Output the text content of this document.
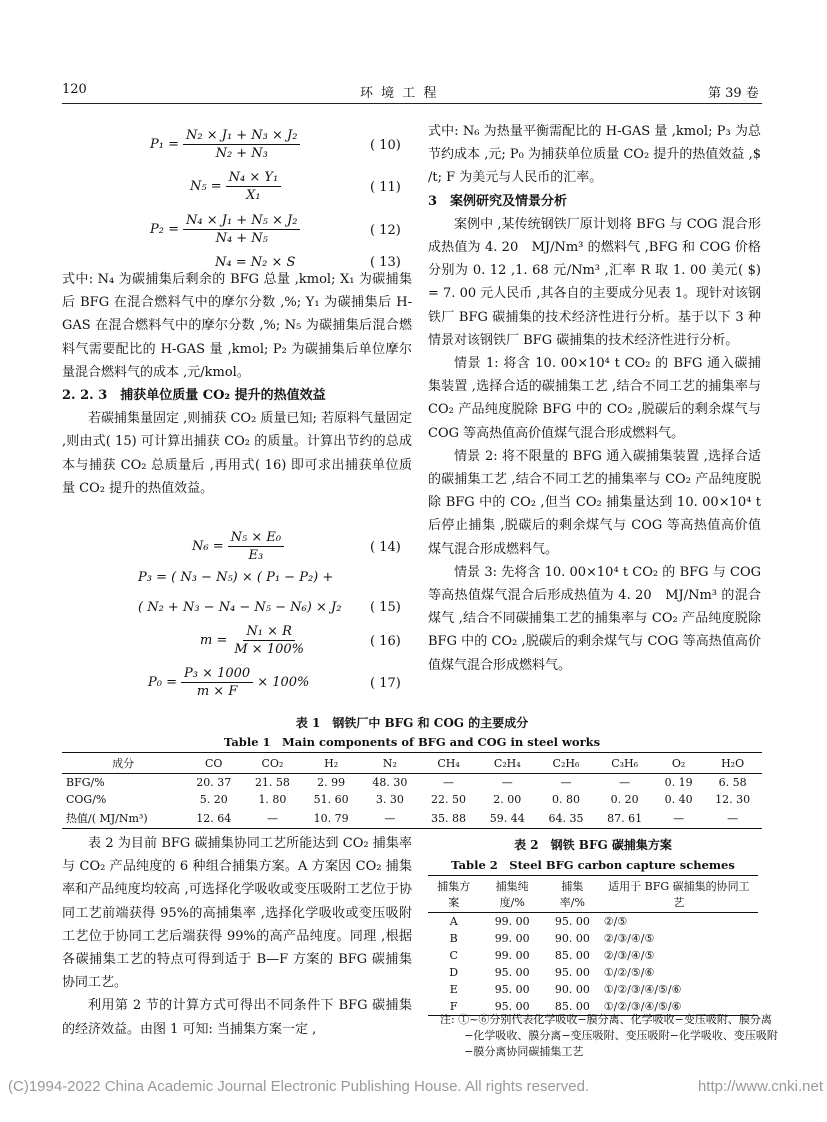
120	环 境 工 程	第 39 卷
$P_1 = \frac{\text{N₂ × J₁ + N₃ × J₂}}{\text{N₂ + N₃}}$	( 10)
$N_5 = \frac{\text{N₄ × Y₁}}{\text{X₁}}$	( 11)
$P_2 = \frac{\text{N₄ × J₁ + N₅ × J₂}}{\text{N₄ + N₅}}$	( 12)
N₄ = N₂ × S	( 13)
$N_6 = \frac{\text{N₅ × E₀}}{\text{E₃}}$	( 14)
P₃ = ( N₃ − N₅) × ( P₁ − P₂) +
( N₂ + N₃ − N₄ − N₅ − N₆) × J₂ ( 15)
$m = \frac{\text{N₁ × R}}{M \times 100\%}$	( 16)
$P_0 = \frac{\text{P₃ × 1000}}{m \times F} \times 100\%$	( 17)

式中: N₄ 为碳捕集后剩余的 BFG 总量 ,kmol; X₁ 为碳捕集后 BFG 在混合燃料气中的摩尔分数 ,%; Y₁ 为碳捕集后 H-GAS 在混合燃料气中的摩尔分数 ,%; N₅ 为碳捕集后混合燃料气需要配比的 H-GAS 量 ,kmol; P₂ 为碳捕集后单位摩尔量混合燃料气的成本 ,元/kmol。

2. 2. 3　捕获单位质量 CO₂ 提升的热值效益

若碳捕集量固定 ,则捕获 CO₂ 质量已知; 若原料气量固定 ,则由式( 15) 可计算出捕获 CO₂ 的质量。计算出节约的总成本与捕获 CO₂ 总质量后 ,再用式( 16) 即可求出捕获单位质量 CO₂ 提升的热值效益。

式中: N₆ 为热量平衡需配比的 H-GAS 量 ,kmol; P₃ 为总节约成本 ,元; P₀ 为捕获单位质量 CO₂ 提升的热值效益 ,$ /t; F 为美元与人民币的汇率。

3　案例研究及情景分析

案例中 ,某传统钢铁厂原计划将 BFG 与 COG 混合形成热值为 4. 20　MJ/Nm³ 的燃料气 ,BFG 和 COG 价格分别为 0. 12 ,1. 68 元/Nm³ ,汇率 R 取 1. 00 美元( $) = 7. 00 元人民币 ,其各自的主要成分见表 1。现针对该钢铁厂 BFG 碳捕集的技术经济性进行分析。基于以下 3 种情景对该钢铁厂 BFG 碳捕集的技术经济性进行分析。

情景 1: 将含 10. 00×10⁴ t CO₂ 的 BFG 通入碳捕集装置 ,选择合适的碳捕集工艺 ,结合不同工艺的捕集率与 CO₂ 产品纯度脱除 BFG 中的 CO₂ ,脱碳后的剩余煤气与 COG 等高热值高价值煤气混合形成燃料气。

情景 2: 将不限量的 BFG 通入碳捕集装置 ,选择合适的碳捕集工艺 ,结合不同工艺的捕集率与 CO₂ 产品纯度脱除 BFG 中的 CO₂ ,但当 CO₂ 捕集量达到 10. 00×10⁴ t 后停止捕集 ,脱碳后的剩余煤气与 COG 等高热值高价值煤气混合形成燃料气。

情景 3: 先将含 10. 00×10⁴ t CO₂ 的 BFG 与 COG 等高热值煤气混合后形成热值为 4. 20　MJ/Nm³ 的混合煤气 ,结合不同碳捕集工艺的捕集率与 CO₂ 产品纯度脱除 BFG 中的 CO₂ ,脱碳后的剩余煤气与 COG 等高热值高价值煤气混合形成燃料气。

表 1　钢铁厂中 BFG 和 COG 的主要成分
Table 1　Main components of BFG and COG in steel works
成分	CO	CO₂	H₂	N₂	CH₄	C₂H₄	C₂H₆	C₃H₆	O₂	H₂O
BFG/%	20. 37	21. 58	2. 99	48. 30	—	—	—	—	0. 19	6. 58
COG/%	5. 20	1. 80	51. 60	3. 30	22. 50	2. 00	0. 80	0. 20	0. 40	12. 30
热值/( MJ/Nm³)	12. 64	—	10. 79	—	35. 88	59. 44	64. 35	87. 61	—	—

表 2 为目前 BFG 碳捕集协同工艺所能达到 CO₂ 捕集率与 CO₂ 产品纯度的 6 种组合捕集方案。A 方案因 CO₂ 捕集率和产品纯度均较高 ,可选择化学吸收或变压吸附工艺位于协同工艺前端获得 95%的高捕集率 ,选择化学吸收或变压吸附工艺位于协同工艺后端获得 99%的高产品纯度。同理 ,根据各碳捕集工艺的特点可得到适于 B—F 方案的 BFG 碳捕集协同工艺。

利用第 2 节的计算方式可得出不同条件下 BFG 碳捕集的经济效益。由图 1 可知: 当捕集方案一定 ,

表 2　钢铁 BFG 碳捕集方案
Table 2　Steel BFG carbon capture schemes
捕集方案	捕集纯度/%	捕集率/%	适用于 BFG 碳捕集的协同工艺
A	99. 00	95. 00	②/⑤
B	99. 00	90. 00	②/③/④/⑤
C	99. 00	85. 00	②/③/④/⑤
D	95. 00	95. 00	①/②/⑤/⑥
E	95. 00	90. 00	①/②/③/④/⑤/⑥
F	95. 00	85. 00	①/②/③/④/⑤/⑥
注: ①~⑥分别代表化学吸收−膜分离、化学吸收−变压吸附、膜分离−化学吸收、膜分离−变压吸附、变压吸附−化学吸收、变压吸附−膜分离协同碳捕集工艺
(C)1994-2022 China Academic Journal Electronic Publishing House. All rights reserved.	http://www.cnki.net
